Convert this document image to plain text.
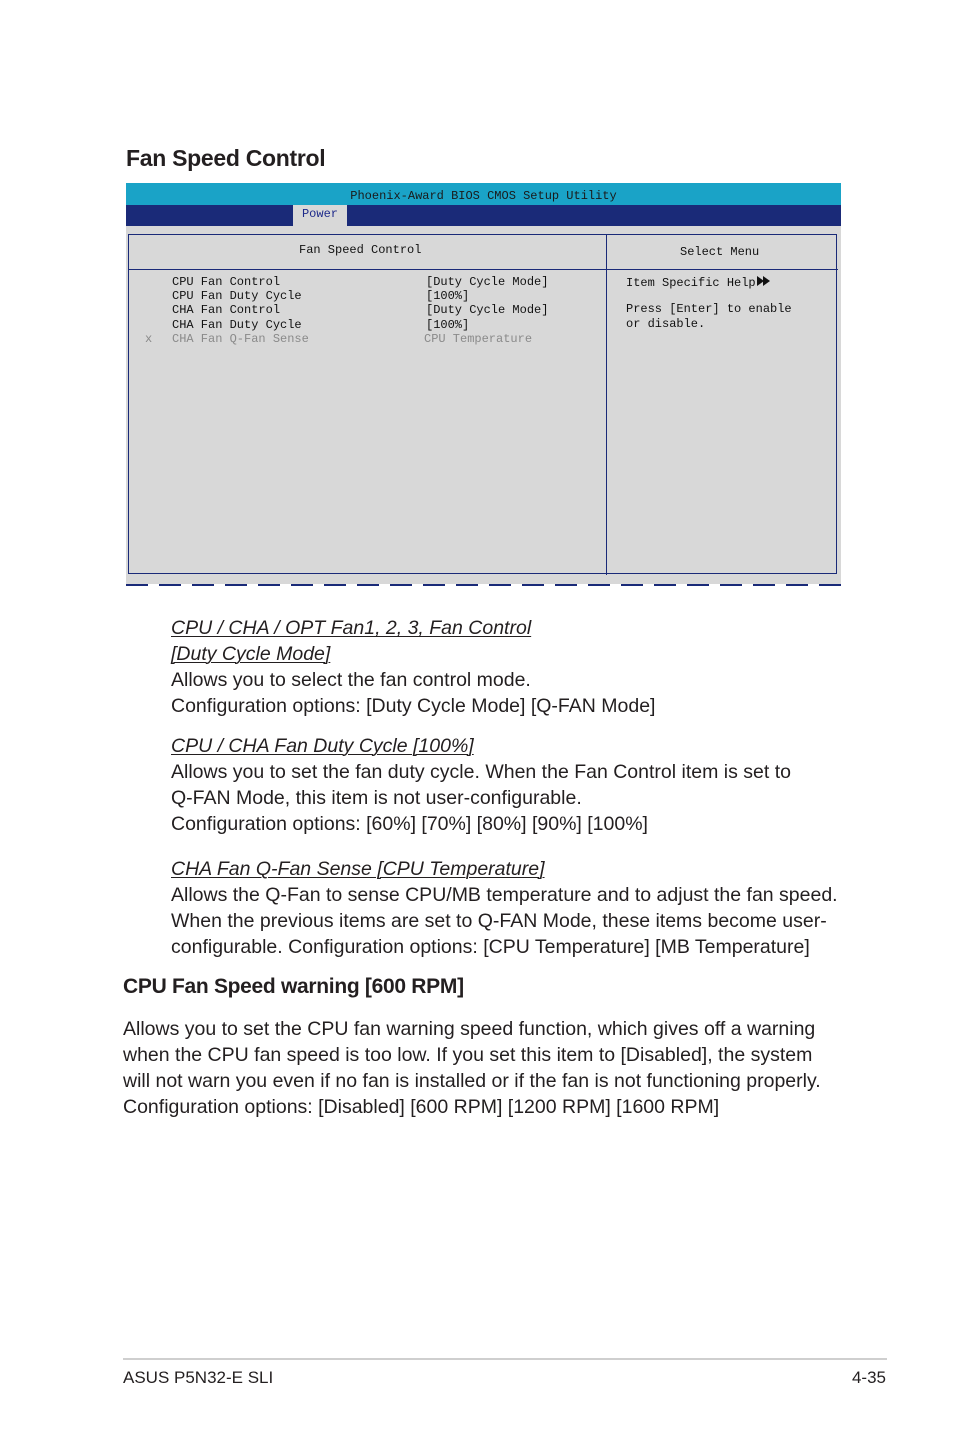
Fan Speed Control
Phoenix-Award BIOS CMOS Setup Utility
Power
Fan Speed Control	Select Menu
CPU Fan Control	[Duty Cycle Mode]
CPU Fan Duty Cycle	[100%]
CHA Fan Control	[Duty Cycle Mode]
CHA Fan Duty Cycle	[100%]
x CHA Fan Q-Fan Sense	CPU Temperature
Item Specific Help
Press [Enter] to enable
or disable.
CPU / CHA / OPT Fan1, 2, 3, Fan Control
[Duty Cycle Mode]
Allows you to select the fan control mode.
Configuration options: [Duty Cycle Mode] [Q-FAN Mode]
CPU / CHA Fan Duty Cycle [100%]
Allows you to set the fan duty cycle. When the Fan Control item is set to
Q-FAN Mode, this item is not user-configurable.
Configuration options: [60%] [70%] [80%] [90%] [100%]
CHA Fan Q-Fan Sense [CPU Temperature]
Allows the Q-Fan to sense CPU/MB temperature and to adjust the fan speed.
When the previous items are set to Q-FAN Mode, these items become user-
configurable. Configuration options: [CPU Temperature] [MB Temperature]
CPU Fan Speed warning [600 RPM]
Allows you to set the CPU fan warning speed function, which gives off a warning
when the CPU fan speed is too low. If you set this item to [Disabled], the system
will not warn you even if no fan is installed or if the fan is not functioning properly.
Configuration options: [Disabled] [600 RPM] [1200 RPM] [1600 RPM]
ASUS P5N32-E SLI	4-35
